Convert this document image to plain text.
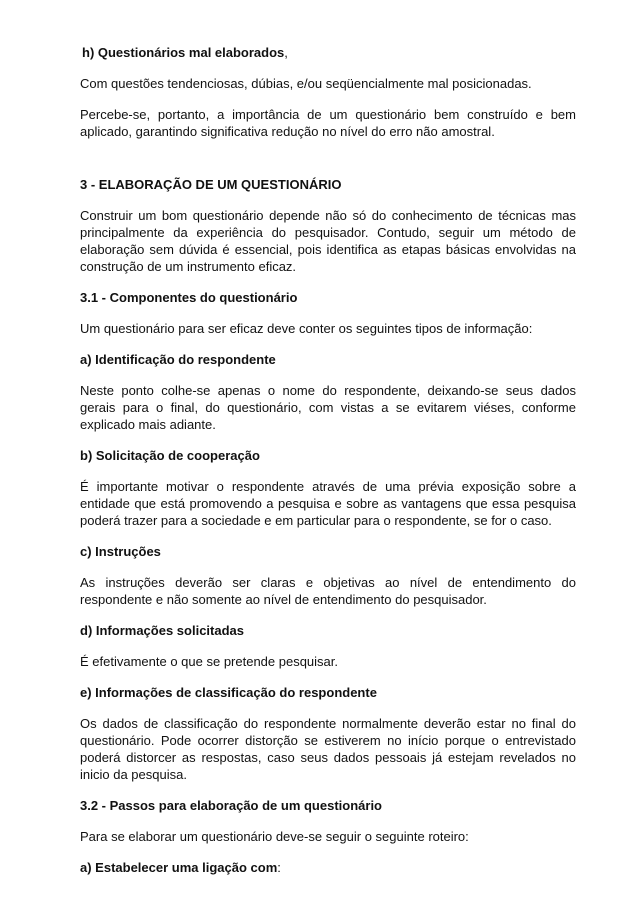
h) Questionários mal elaborados,

Com questões tendenciosas, dúbias, e/ou seqüencialmente mal posicionadas.

Percebe-se, portanto, a importância de um questionário bem construído e bem aplicado, garantindo significativa redução no nível do erro não amostral.

3 - ELABORAÇÃO DE UM QUESTIONÁRIO

Construir um bom questionário depende não só do conhecimento de técnicas mas principalmente da experiência do pesquisador. Contudo, seguir um método de elaboração sem dúvida é essencial, pois identifica as etapas básicas envolvidas na construção de um instrumento eficaz.

3.1 - Componentes do questionário

Um questionário para ser eficaz deve conter os seguintes tipos de informação:

a) Identificação do respondente

Neste ponto colhe-se apenas o nome do respondente, deixando-se seus dados gerais para o final, do questionário, com vistas a se evitarem viéses, conforme explicado mais adiante.

b) Solicitação de cooperação

É importante motivar o respondente através de uma prévia exposição sobre a entidade que está promovendo a pesquisa e sobre as vantagens que essa pesquisa poderá trazer para a sociedade e em particular para o respondente, se for o caso.

c) Instruções

As instruções deverão ser claras e objetivas ao nível de entendimento do respondente e não somente ao nível de entendimento do pesquisador.

d) Informações solicitadas

É efetivamente o que se pretende pesquisar.

e) Informações de classificação do respondente

Os dados de classificação do respondente normalmente deverão estar no final do questionário. Pode ocorrer distorção se estiverem no início porque o entrevistado poderá distorcer as respostas, caso seus dados pessoais já estejam revelados no inicio da pesquisa.

3.2 - Passos para elaboração de um questionário

Para se elaborar um questionário deve-se seguir o seguinte roteiro:

a) Estabelecer uma ligação com:
